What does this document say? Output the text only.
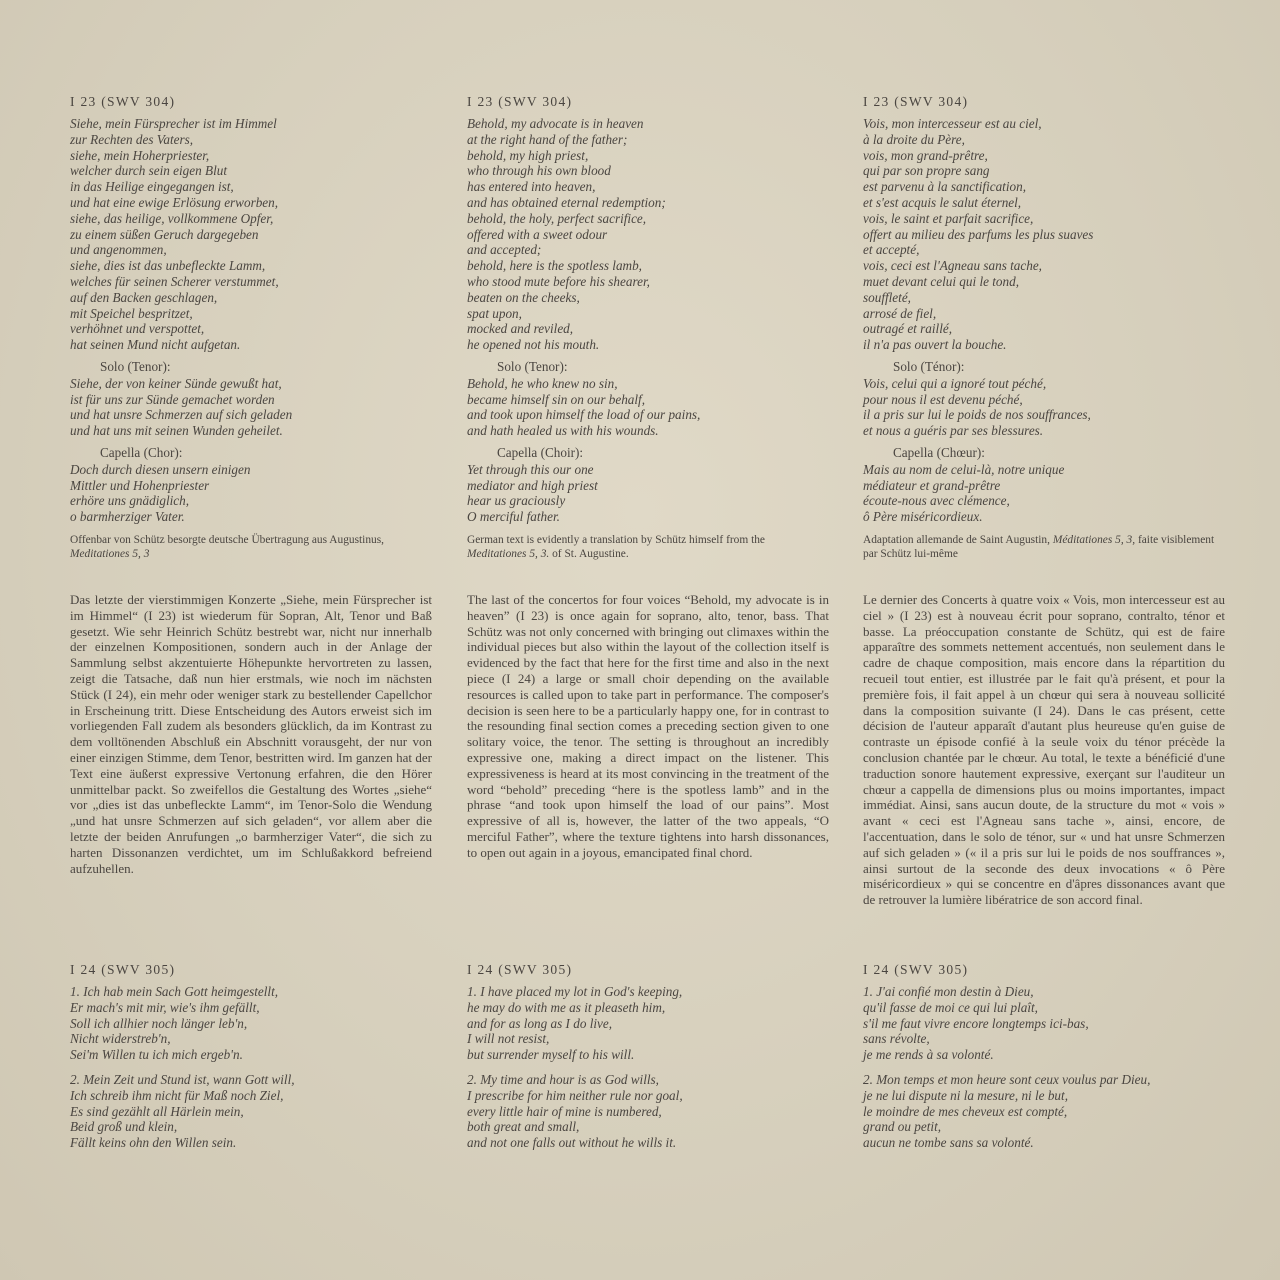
I 23 (SWV 304)
Siehe, mein Fürsprecher ist im Himmel
zur Rechten des Vaters,
siehe, mein Hoherpriester,
welcher durch sein eigen Blut
in das Heilige eingegangen ist,
und hat eine ewige Erlösung erworben,
siehe, das heilige, vollkommene Opfer,
zu einem süßen Geruch dargegeben
und angenommen,
siehe, dies ist das unbefleckte Lamm,
welches für seinen Scherer verstummet,
auf den Backen geschlagen,
mit Speichel bespritzet,
verhöhnet und verspottet,
hat seinen Mund nicht aufgetan.
Solo (Tenor):
Siehe, der von keiner Sünde gewußt hat,
ist für uns zur Sünde gemachet worden
und hat unsre Schmerzen auf sich geladen
und hat uns mit seinen Wunden geheilet.
Capella (Chor):
Doch durch diesen unsern einigen
Mittler und Hohenpriester
erhöre uns gnädiglich,
o barmherziger Vater.
Offenbar von Schütz besorgte deutsche Übertragung aus Augustinus,
Meditationes 5, 3
I 23 (SWV 304)
Behold, my advocate is in heaven
at the right hand of the father;
behold, my high priest,
who through his own blood
has entered into heaven,
and has obtained eternal redemption;
behold, the holy, perfect sacrifice,
offered with a sweet odour
and accepted;
behold, here is the spotless lamb,
who stood mute before his shearer,
beaten on the cheeks,
spat upon,
mocked and reviled,
he opened not his mouth.
Solo (Tenor):
Behold, he who knew no sin,
became himself sin on our behalf,
and took upon himself the load of our pains,
and hath healed us with his wounds.
Capella (Choir):
Yet through this our one
mediator and high priest
hear us graciously
O merciful father.
German text is evidently a translation by Schütz himself from the
Meditationes 5, 3. of St. Augustine.
I 23 (SWV 304)
Vois, mon intercesseur est au ciel,
à la droite du Père,
vois, mon grand-prêtre,
qui par son propre sang
est parvenu à la sanctification,
et s'est acquis le salut éternel,
vois, le saint et parfait sacrifice,
offert au milieu des parfums les plus suaves
et accepté,
vois, ceci est l'Agneau sans tache,
muet devant celui qui le tond,
souffleté,
arrosé de fiel,
outragé et raillé,
il n'a pas ouvert la bouche.
Solo (Ténor):
Vois, celui qui a ignoré tout péché,
pour nous il est devenu péché,
il a pris sur lui le poids de nos souffrances,
et nous a guéris par ses blessures.
Capella (Chœur):
Mais au nom de celui-là, notre unique
médiateur et grand-prêtre
écoute-nous avec clémence,
ô Père miséricordieux.
Adaptation allemande de Saint Augustin, Méditationes 5, 3, faite visiblement par Schütz lui-même

Das letzte der vierstimmigen Konzerte „Siehe, mein Fürsprecher ist im Himmel“ (I 23) ist wiederum für Sopran, Alt, Tenor und Baß gesetzt. Wie sehr Heinrich Schütz bestrebt war, nicht nur innerhalb der einzelnen Kompositionen, sondern auch in der Anlage der Sammlung selbst akzentuierte Höhepunkte hervortreten zu lassen, zeigt die Tatsache, daß nun hier erstmals, wie noch im nächsten Stück (I 24), ein mehr oder weniger stark zu bestellender Capellchor in Erscheinung tritt. Diese Entscheidung des Autors erweist sich im vorliegenden Fall zudem als besonders glücklich, da im Kontrast zu dem volltönenden Abschluß ein Abschnitt vorausgeht, der nur von einer einzigen Stimme, dem Tenor, bestritten wird. Im ganzen hat der Text eine äußerst expressive Vertonung erfahren, die den Hörer unmittelbar packt. So zweifellos die Gestaltung des Wortes „siehe“ vor „dies ist das unbefleckte Lamm“, im Tenor-Solo die Wendung „und hat unsre Schmerzen auf sich geladen“, vor allem aber die letzte der beiden Anrufungen „o barmherziger Vater“, die sich zu harten Dissonanzen verdichtet, um im Schlußakkord befreiend aufzuhellen.

The last of the concertos for four voices “Behold, my advocate is in heaven” (I 23) is once again for soprano, alto, tenor, bass. That Schütz was not only concerned with bringing out climaxes within the individual pieces but also within the layout of the collection itself is evidenced by the fact that here for the first time and also in the next piece (I 24) a large or small choir depending on the available resources is called upon to take part in performance. The composer's decision is seen here to be a particularly happy one, for in contrast to the resounding final section comes a preceding section given to one solitary voice, the tenor. The setting is throughout an incredibly expressive one, making a direct impact on the listener. This expressiveness is heard at its most convincing in the treatment of the word “behold” preceding “here is the spotless lamb” and in the phrase “and took upon himself the load of our pains”. Most expressive of all is, however, the latter of the two appeals, “O merciful Father”, where the texture tightens into harsh dissonances, to open out again in a joyous, emancipated final chord.

Le dernier des Concerts à quatre voix « Vois, mon intercesseur est au ciel » (I 23) est à nouveau écrit pour soprano, contralto, ténor et basse. La préoccupation constante de Schütz, qui est de faire apparaître des sommets nettement accentués, non seulement dans le cadre de chaque composition, mais encore dans la répartition du recueil tout entier, est illustrée par le fait qu'à présent, et pour la première fois, il fait appel à un chœur qui sera à nouveau sollicité dans la composition suivante (I 24). Dans le cas présent, cette décision de l'auteur apparaît d'autant plus heureuse qu'en guise de contraste un épisode confié à la seule voix du ténor précède la conclusion chantée par le chœur. Au total, le texte a bénéficié d'une traduction sonore hautement expressive, exerçant sur l'auditeur un chœur a cappella de dimensions plus ou moins importantes, impact immédiat. Ainsi, sans aucun doute, de la structure du mot « vois » avant « ceci est l'Agneau sans tache », ainsi, encore, de l'accentuation, dans le solo de ténor, sur « und hat unsre Schmerzen auf sich geladen » (« il a pris sur lui le poids de nos souffrances », ainsi surtout de la seconde des deux invocations « ô Père miséricordieux » qui se concentre en d'âpres dissonances avant que de retrouver la lumière libératrice de son accord final.

I 24 (SWV 305)
1. Ich hab mein Sach Gott heimgestellt,
Er mach's mit mir, wie's ihm gefällt,
Soll ich allhier noch länger leb'n,
Nicht widerstreb'n,
Sei'm Willen tu ich mich ergeb'n.
2. Mein Zeit und Stund ist, wann Gott will,
Ich schreib ihm nicht für Maß noch Ziel,
Es sind gezählt all Härlein mein,
Beid groß und klein,
Fällt keins ohn den Willen sein.
I 24 (SWV 305)
1. I have placed my lot in God's keeping,
he may do with me as it pleaseth him,
and for as long as I do live,
I will not resist,
but surrender myself to his will.
2. My time and hour is as God wills,
I prescribe for him neither rule nor goal,
every little hair of mine is numbered,
both great and small,
and not one falls out without he wills it.
I 24 (SWV 305)
1. J'ai confié mon destin à Dieu,
qu'il fasse de moi ce qui lui plaît,
s'il me faut vivre encore longtemps ici-bas,
sans révolte,
je me rends à sa volonté.
2. Mon temps et mon heure sont ceux voulus par Dieu,
je ne lui dispute ni la mesure, ni le but,
le moindre de mes cheveux est compté,
grand ou petit,
aucun ne tombe sans sa volonté.
